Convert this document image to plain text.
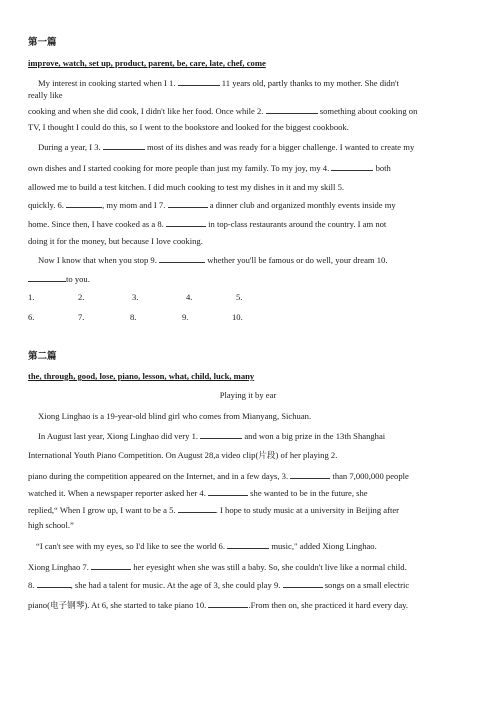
第一篇
improve, watch, set up, product, parent, be, care, late, chef, come
My interest in cooking started when I 1.	11 years old, partly thanks to my mother. She didn't
really like
cooking and when she did cook, I didn't like her food. Once while 2.	something about cooking on
TV, I thought I could do this, so I went to the bookstore and looked for the biggest cookbook.
During a year, I 3.	most of its dishes and was ready for a bigger challenge. I wanted to create my
own dishes and I started cooking for more people than just my family. To my joy, my 4.	both
allowed me to build a test kitchen. I did much cooking to test my dishes in it and my skill 5.
quickly. 6.	, my mom and I 7.	a dinner club and organized monthly events inside my
home. Since then, I have cooked as a 8.	in top-class restaurants around the country. I am not
doing it for the money, but because I love cooking.
Now I know that when you stop 9.	whether you'll be famous or do well, your dream 10.
to you.
1.	2.	3.	4.	5.
6.	7.	8.	9.	10.
第二篇
the, through, good, lose, piano, lesson, what, child, luck, many
Playing it by ear
Xiong Linghao is a 19-year-old blind girl who comes from Mianyang, Sichuan.
In August last year, Xiong Linghao did very 1.	and won a big prize in the 13th Shanghai
International Youth Piano Competition. On August 28,a video clip(片段) of her playing 2.
piano during the competition appeared on the Internet, and in a few days, 3.	than 7,000,000 people
watched it. When a newspaper reporter asked her 4.	she wanted to be in the future, she
replied,“ When I grow up, I want to be a 5.	. I hope to study music at a university in Beijing after
high school.”
“I can't see with my eyes, so I'd like to see the world 6.	music," added Xiong Linghao.
Xiong Linghao 7.	her eyesight when she was still a baby. So, she couldn't live like a normal child.
8.	, she had a talent for music. At the age of 3, she could play 9.	songs on a small electric
piano(电子钢琴). At 6, she started to take piano 10.	.From then on, she practiced it hard every day.
